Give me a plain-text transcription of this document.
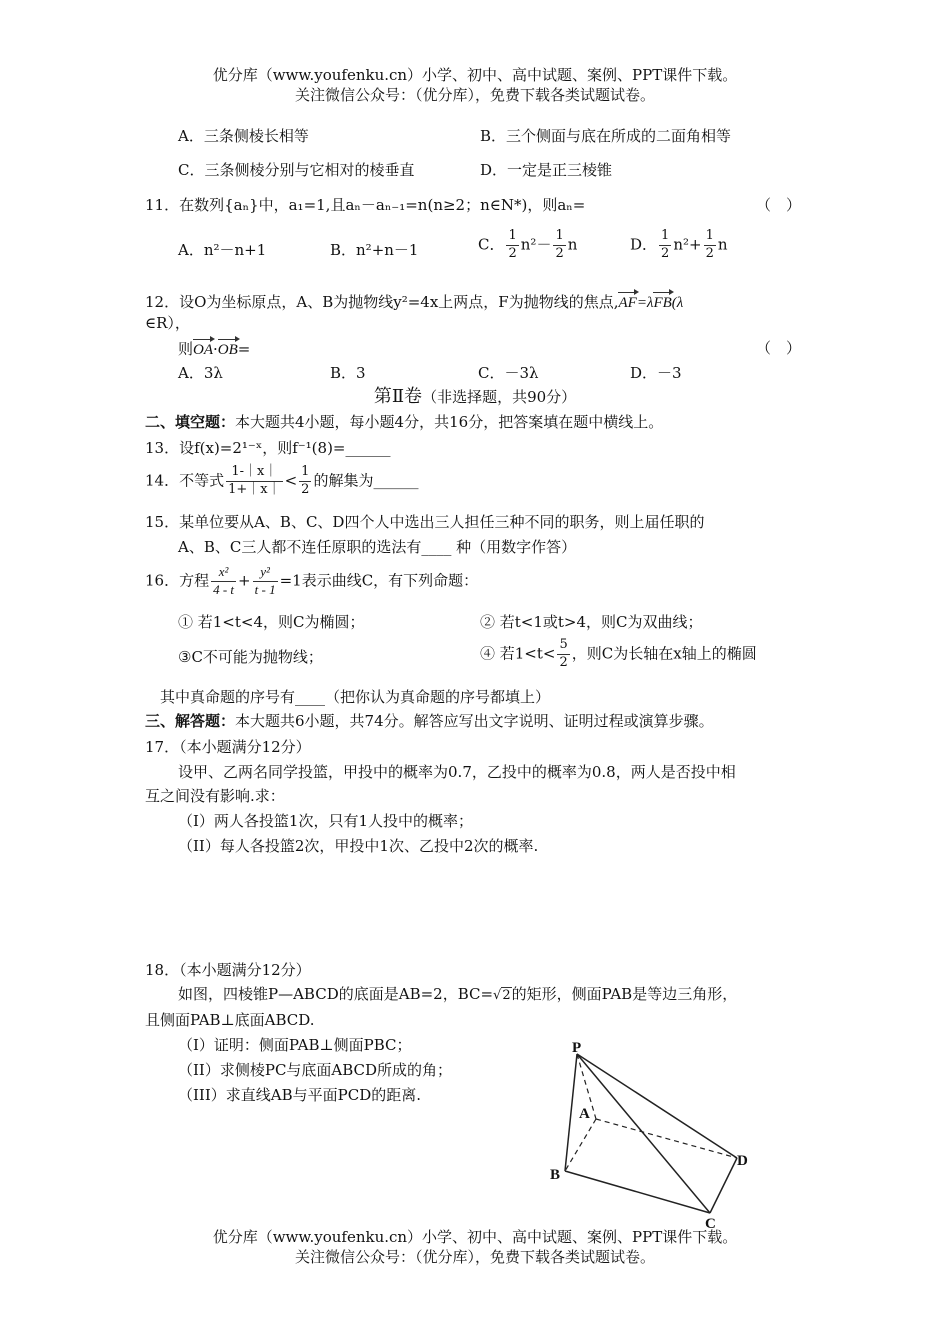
优分库（www.youfenku.cn）小学、初中、高中试题、案例、PPT课件下载。
关注微信公众号：（优分库），免费下载各类试题试卷。
A．三条侧棱长相等	B．三个侧面与底在所成的二面角相等
C．三条侧棱分别与它相对的棱垂直	D．一定是正三棱锥
11．在数列{aₙ}中，a₁=1,且aₙ－aₙ₋₁=n(n≥2；n∈N*)，则aₙ=	（　）
A．n²－n+1	B．n²+n－1	C． $\frac{1}{2} n^2- \frac{1}{2}$ n	D． $\frac{1}{2} n^2+ \frac{1}{2}$ n
12．设O为坐标原点，A、B为抛物线y²=4x上两点，F为抛物线的焦点,AF=λFB(λ
∈R），
则OA·OB=	（　）
A．3λ	B．3	C．－3λ	D．－3
第Ⅱ卷（非选择题，共90分）
二、填空题：本大题共4小题，每小题4分，共16分，把答案填在题中横线上。
13．设f(x)=2¹⁻ˣ，则f⁻¹(8)=______
14．不等式 $\frac{1-|x|}{1+|x|} < \frac{1}{2}$ 的解集为______
15．某单位要从A、B、C、D四个人中选出三人担任三种不同的职务，则上届任职的
A、B、C三人都不连任原职的选法有____ 种（用数字作答）
16．方程 $\frac{\text{x²}}{4 - t} + \frac{\text{y²}}{t - 1} =1$表示曲线C，有下列命题：
① 若1<t<4，则C为椭圆；	② 若t<1或t>4，则C为双曲线；
③C不可能为抛物线；	④ 若$1<t< \frac{5}{2}$ ，则C为长轴在x轴上的椭圆
其中真命题的序号有____（把你认为真命题的序号都填上）
三、解答题：本大题共6小题，共74分。解答应写出文字说明、证明过程或演算步骤。
17．（本小题满分12分）
设甲、乙两名同学投篮，甲投中的概率为0.7，乙投中的概率为0.8，两人是否投中相
互之间没有影响.求：
（I）两人各投篮1次，只有1人投中的概率；
（II）每人各投篮2次，甲投中1次、乙投中2次的概率.
18．（本小题满分12分）
如图，四棱锥P—ABCD的底面是AB=2，BC=√2的矩形，侧面PAB是等边三角形，
且侧面PAB⊥底面ABCD.
（I）证明：侧面PAB⊥侧面PBC；
（II）求侧棱PC与底面ABCD所成的角；
（III）求直线AB与平面PCD的距离.
P
A
B
C
D
优分库（www.youfenku.cn）小学、初中、高中试题、案例、PPT课件下载。
关注微信公众号：（优分库），免费下载各类试题试卷。
